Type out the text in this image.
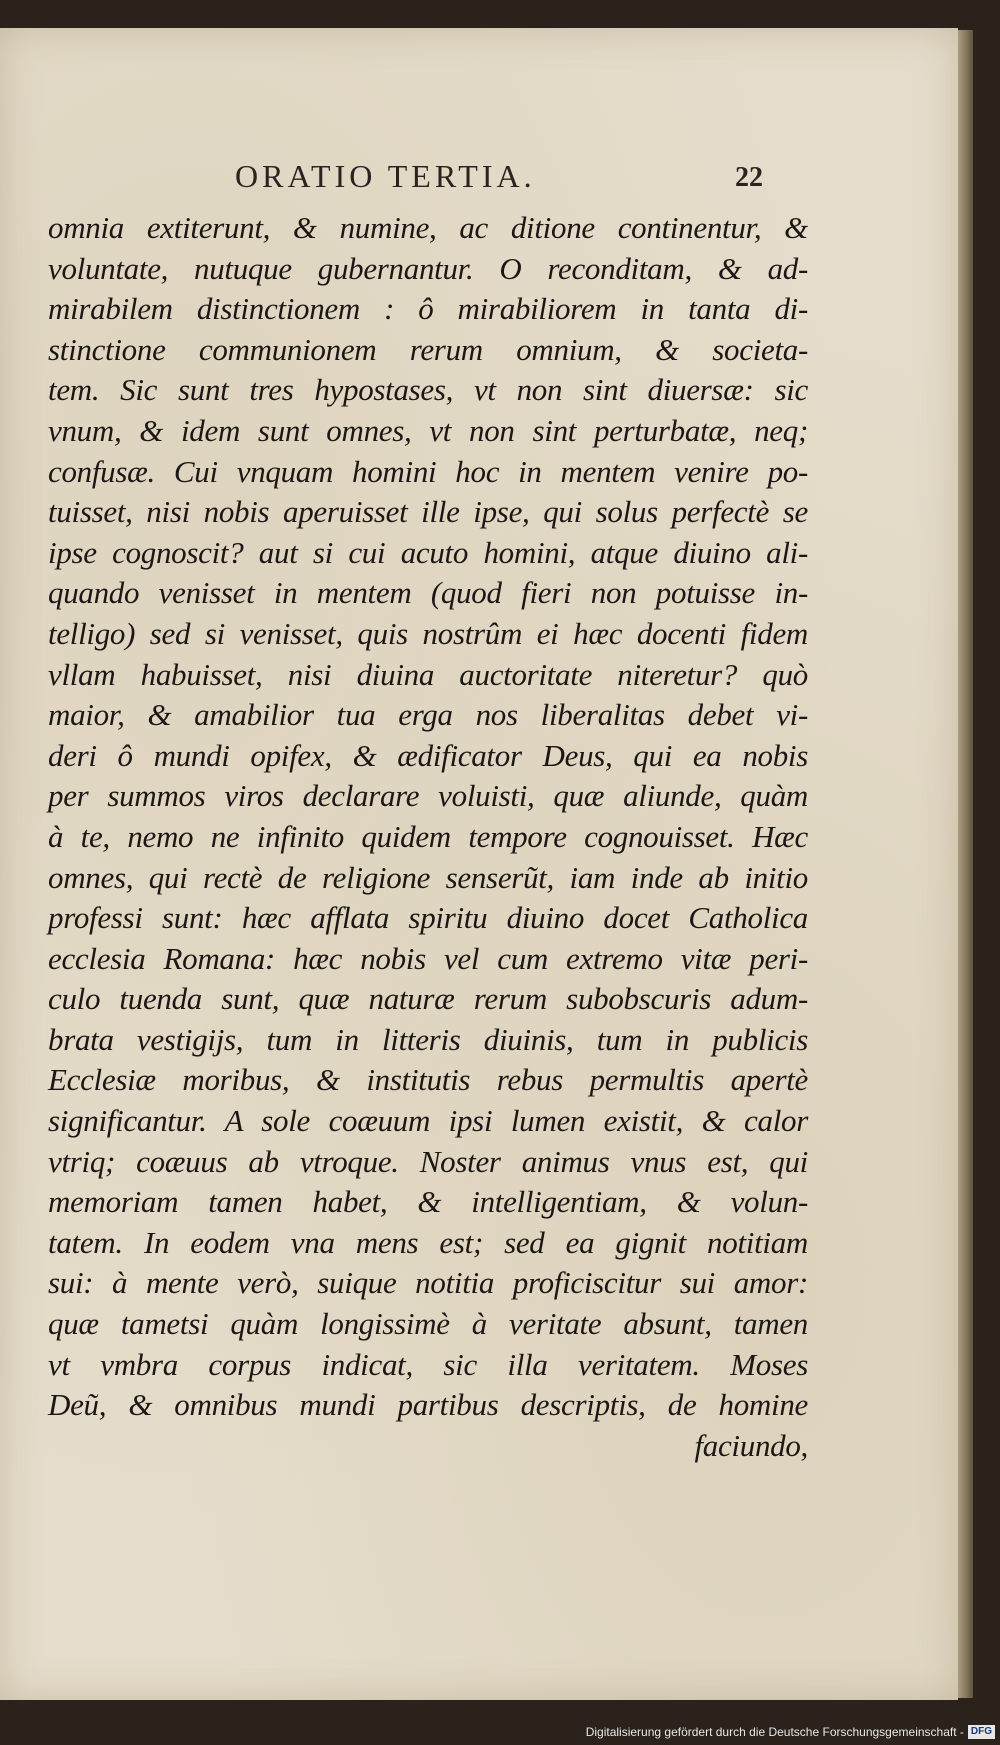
ORATIO TERTIA.	22
omnia extiterunt, & numine, ac ditione continentur, &
voluntate, nutuque gubernantur. O reconditam, & ad-
mirabilem distinctionem : ô mirabiliorem in tanta di-
stinctione communionem rerum omnium, & societa-
tem. Sic sunt tres hypostases, vt non sint diuersæ: sic
vnum, & idem sunt omnes, vt non sint perturbatæ, neq;
confusæ. Cui vnquam homini hoc in mentem venire po-
tuisset, nisi nobis aperuisset ille ipse, qui solus perfectè se
ipse cognoscit? aut si cui acuto homini, atque diuino ali-
quando venisset in mentem (quod fieri non potuisse in-
telligo) sed si venisset, quis nostrûm ei hæc docenti fidem
vllam habuisset, nisi diuina auctoritate niteretur? quò
maior, & amabilior tua erga nos liberalitas debet vi-
deri ô mundi opifex, & ædificator Deus, qui ea nobis
per summos viros declarare voluisti, quæ aliunde, quàm
à te, nemo ne infinito quidem tempore cognouisset. Hæc
omnes, qui rectè de religione senserũt, iam inde ab initio
professi sunt: hæc afflata spiritu diuino docet Catholica
ecclesia Romana: hæc nobis vel cum extremo vitæ peri-
culo tuenda sunt, quæ naturæ rerum subobscuris adum-
brata vestigijs, tum in litteris diuinis, tum in publicis
Ecclesiæ moribus, & institutis rebus permultis apertè
significantur. A sole coæuum ipsi lumen existit, & calor
vtriq; coæuus ab vtroque. Noster animus vnus est, qui
memoriam tamen habet, & intelligentiam, & volun-
tatem. In eodem vna mens est; sed ea gignit notitiam
sui: à mente verò, suique notitia proficiscitur sui amor:
quæ tametsi quàm longissimè à veritate absunt, tamen
vt vmbra corpus indicat, sic illa veritatem. Moses
Deũ, & omnibus mundi partibus descriptis, de homine
faciundo,
Digitalisierung gefördert durch die Deutsche Forschungsgemeinschaft - DFG
